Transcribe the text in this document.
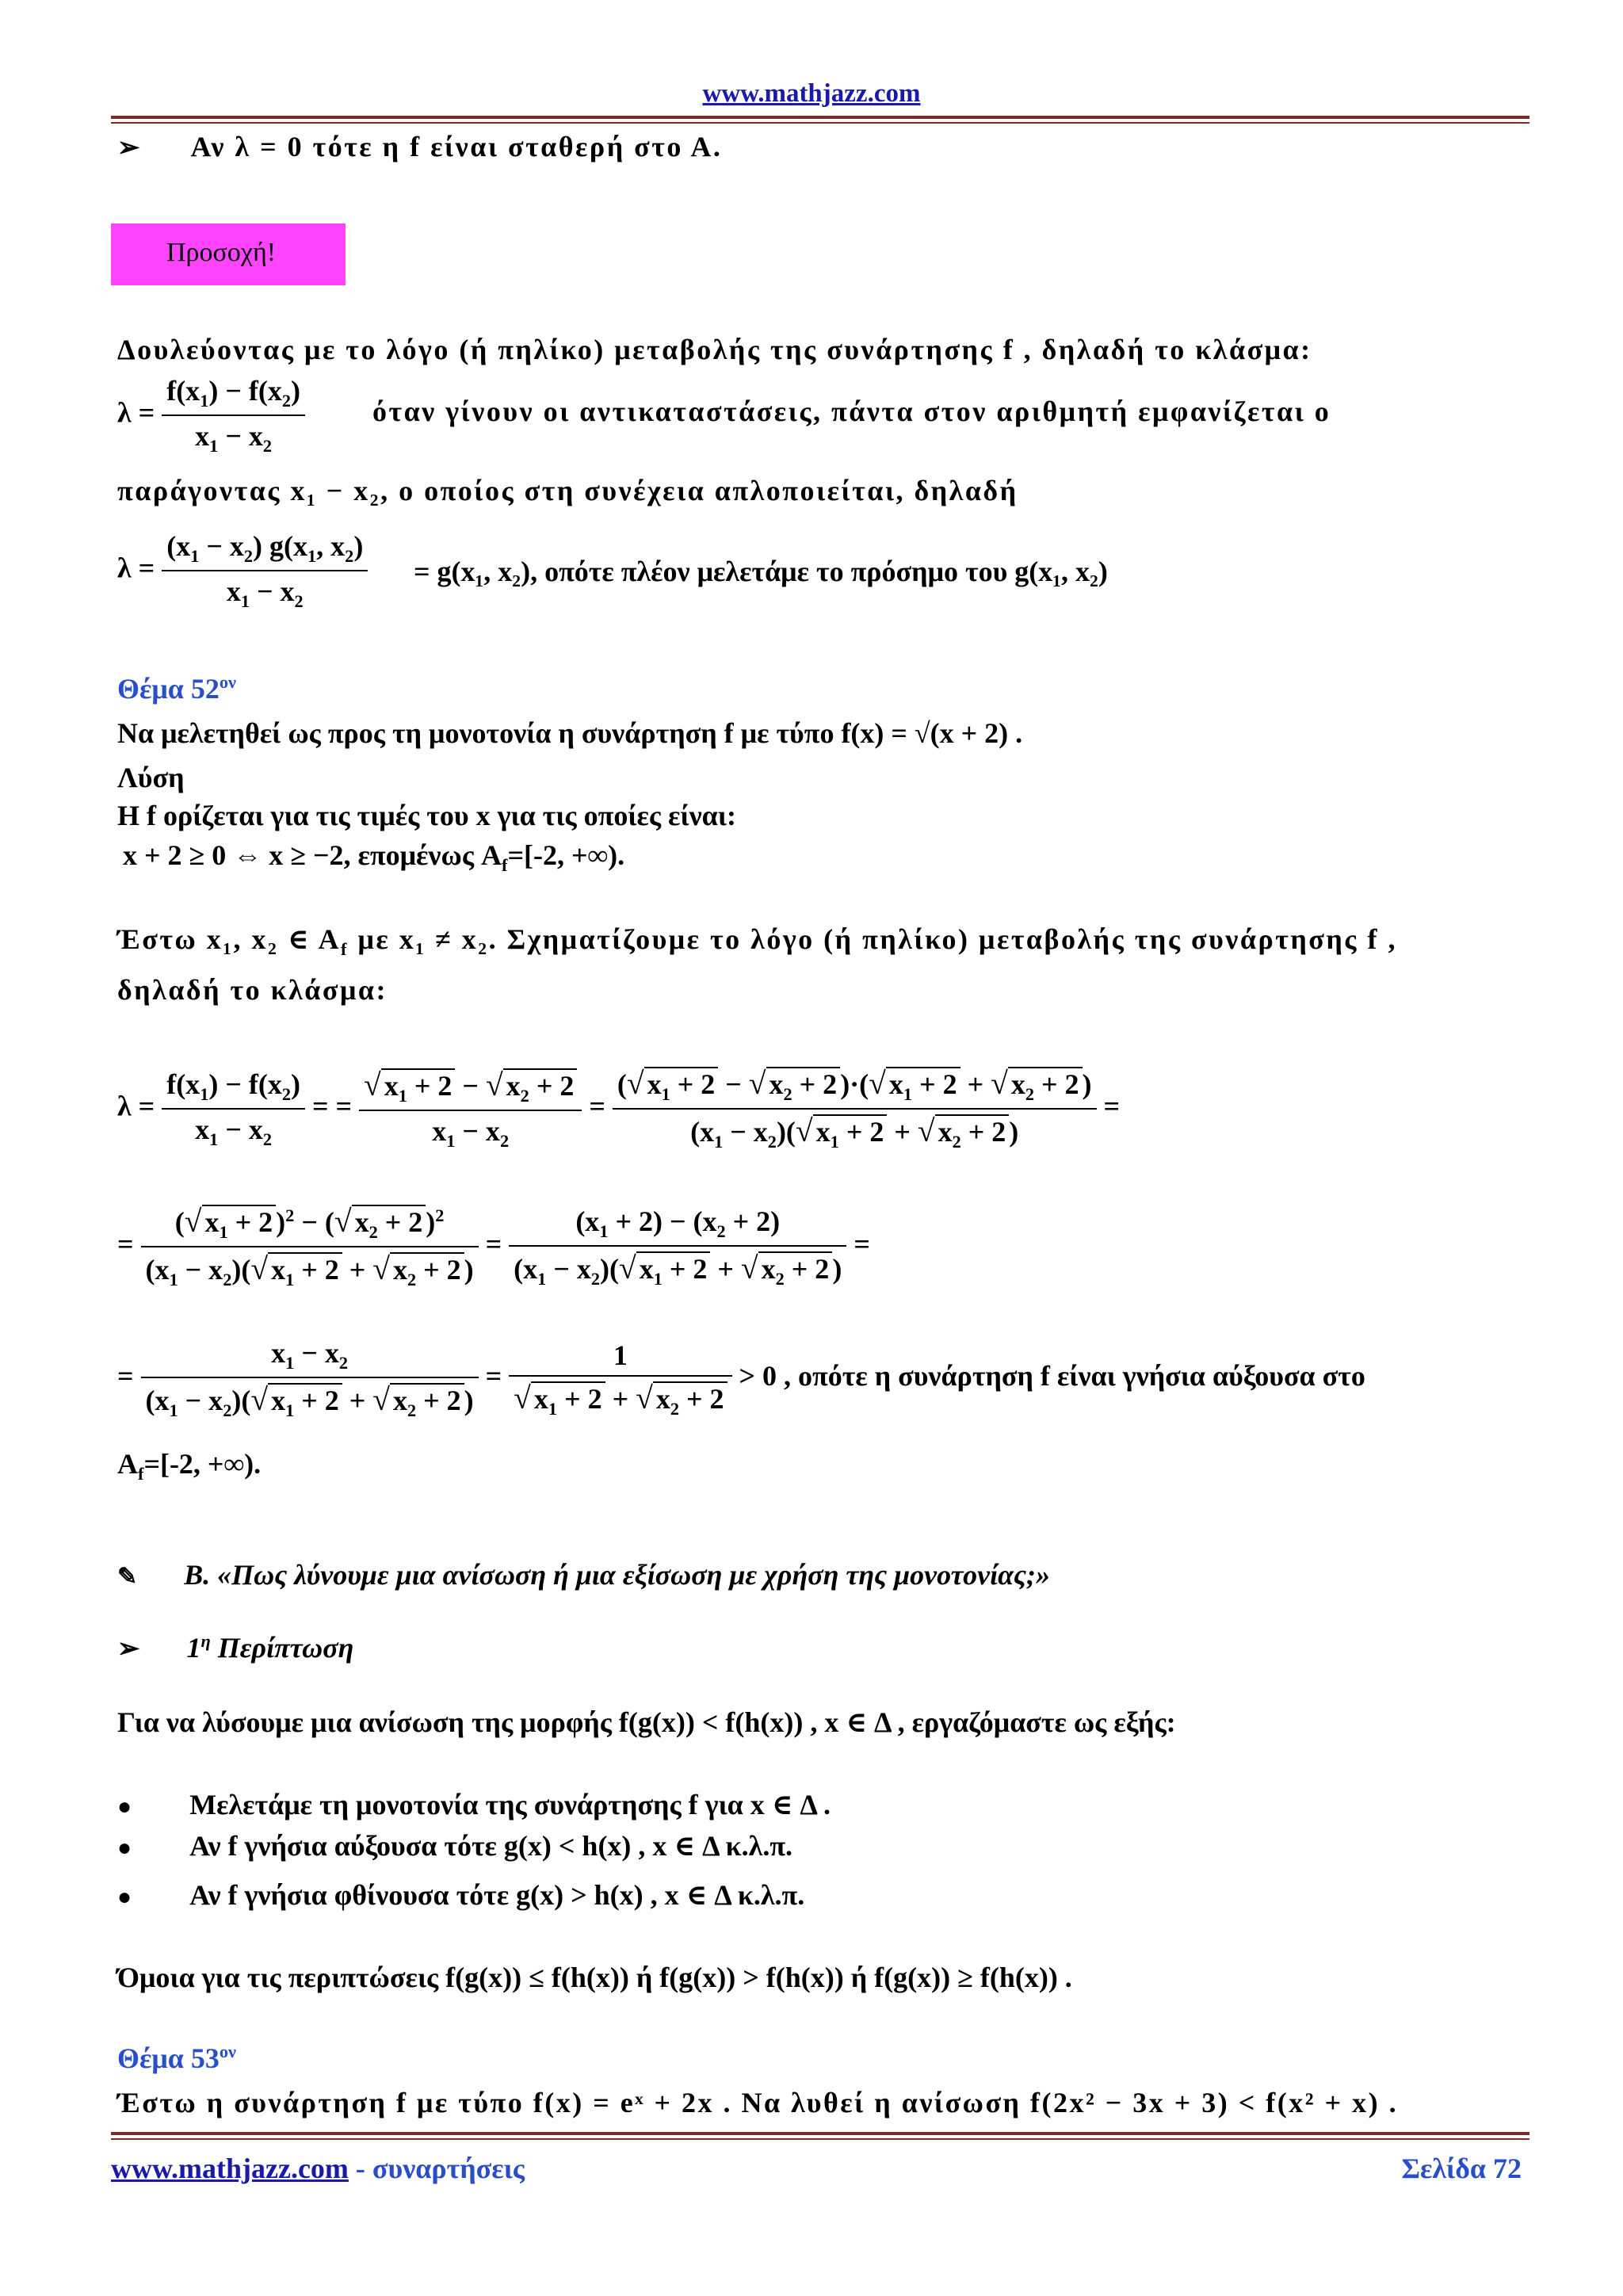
www.mathjazz.com
➢ Αν λ = 0 τότε η f είναι σταθερή στο Α.
Προσοχή!
Δουλεύοντας με το λόγο (ή πηλίκο) μεταβολής της συνάρτησης f , δηλαδή το κλάσμα:
$\lambda = \frac{f(x_1) - f(x_2)}{x_1 - x_2}$ όταν γίνουν οι αντικαταστάσεις, πάντα στον αριθμητή εμφανίζεται ο
παράγοντας x₁ − x₂, ο οποίος στη συνέχεια απλοποιείται, δηλαδή
$\lambda = \frac{(x_1 - x_2) g(x_1, x_2)}{x_1 - x_2} = g(x_1$, x₂), οπότε πλέον μελετάμε το πρόσημο του g(x₁, x₂)
Θέμα $52^{o\nu}$
Να μελετηθεί ως προς τη μονοτονία η συνάρτηση f με τύπο f(x) = √(x + 2) .
Λύση
Η f ορίζεται για τις τιμές του x για τις οποίες είναι:
x + 2 ≥ 0 ⇔ x ≥ −2, επομένως $A_f=[-2$, +∞).
Έστω x₁, x₂ ∈ $A_f$ με x₁ ≠ x₂. Σχηματίζουμε το λόγο (ή πηλίκο) μεταβολής της συνάρτησης f ,
δηλαδή το κλάσμα:
$\lambda = \frac{f(x_1) - f(x_2)}{x_1 - x_2}$ = = $\frac{√ x_1 + 2 - √ x_2 + 2}{x_1 - x_2} = \frac{(√ x_1 + 2 - √ x_2 + 2 )\cdot(√ x_1 + 2 + √ x_2 + 2 )}{(x_1 - x_2)(√ x_1 + 2 + √ x_2 + 2 )}$ =
= $\frac{(√ x_1 + 2 )^2 - (√ x_2 + 2 )^2}{(x_1 - x_2)(√ x_1 + 2 + √ x_2 + 2 )} = \frac{(x_1 + 2) - (x_2 + 2)}{(x_1 - x_2)(√ x_1 + 2 + √ x_2 + 2 )}$ =
= $\frac{x_1 - x_2}{(x_1 - x_2)(√ x_1 + 2 + √ x_2 + 2 )} = \frac{1}{√ x_1 + 2 + √ x_2 + 2} > 0$ , οπότε η συνάρτηση f είναι γνήσια αύξουσα στο
$A_f=[-2$, +∞).
✎ Β. «Πως λύνουμε μια ανίσωση ή μια εξίσωση με χρήση της μονοτονίας;»
➢ $1^\eta$ Περίπτωση
Για να λύσουμε μια ανίσωση της μορφής f(g(x)) < f(h(x)) , x ∈ Δ , εργαζόμαστε ως εξής:
● Μελετάμε τη μονοτονία της συνάρτησης f για x ∈ Δ .
● Αν f γνήσια αύξουσα τότε g(x) < h(x) , x ∈ Δ κ.λ.π.
● Αν f γνήσια φθίνουσα τότε g(x) > h(x) , x ∈ Δ κ.λ.π.
Όμοια για τις περιπτώσεις f(g(x)) ≤ f(h(x)) ή f(g(x)) > f(h(x)) ή f(g(x)) ≥ f(h(x)) .
Θέμα $53^{o\nu}$
Έστω η συνάρτηση f με τύπο f(x) = eˣ + 2x . Να λυθεί η ανίσωση f(2x² − 3x + 3) < f(x² + x) .
www.mathjazz.com - συναρτήσεις	Σελίδα 72
